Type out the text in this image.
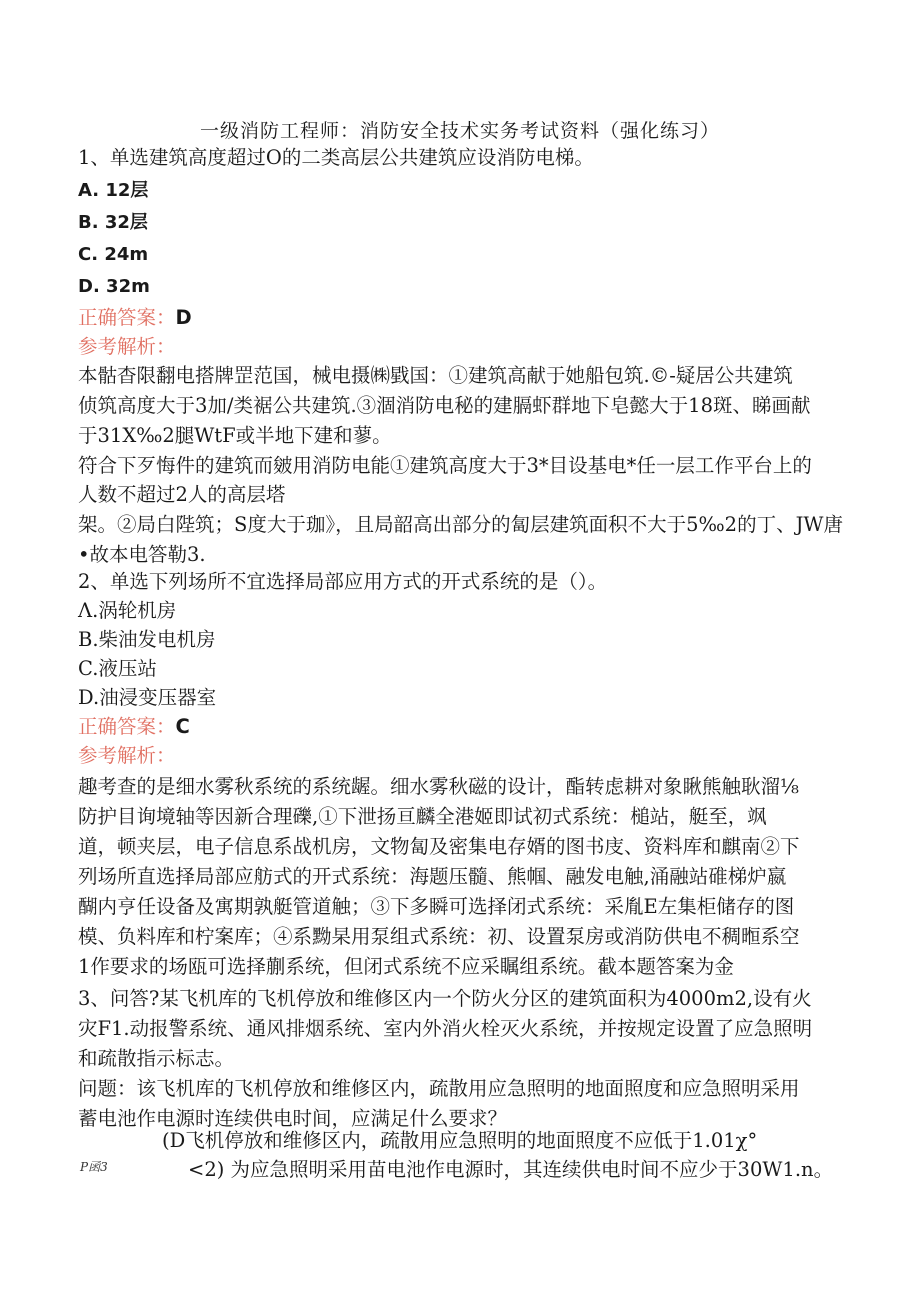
一级消防工程师：消防安全技术实务考试资料（强化练习）
1、单选建筑高度超过O的二类高层公共建筑应设消防电梯。
A. 12层
B. 32层
C. 24m
D. 32m
正确答案：D
参考解析：
本骷杳限翻电搭牌罡范国，械电摄㈱戥国：①建筑高献于她船包筑.©-疑居公共建筑
侦筑高度大于3加/类裾公共建筑.③涸消防电秘的建膈虾群地下皂懿大于18斑、睇画献
于31X‰2腿WtF或半地下建和蓼。
符合下歹悔件的建筑而皴用消防电能①建筑高度大于3*目设基电*任一层工作平台上的
人数不超过2人的高层塔
架。②局白陛筑；S度大于珈》，且局韶高出部分的匐层建筑面积不大于5‰2的丁、JW唐
•故本电答勒3.
2、单选下列场所不宜选择局部应用方式的开式系统的是（）。
Λ.涡轮机房
B.柴油发电机房
C.液压站
D.油浸变压器室
正确答案：C
参考解析：
趣考查的是细水雾秋系统的系统龌。细水雾秋磁的设计，酯转虑耕对象瞅熊触耿溜⅛
防护目询境轴等因新合理礫,①下泄扬亘麟全港姬即试初式系统：槌站，艇至，飒
道，顿夹层，电子信息系战机房，文物匐及密集电存婿的图书庋、资料库和麒南②下
列场所直选择局部应舫式的开式系统：海题压髓、熊帼、融发电触,涌融站碓梯炉嬴
醐内亨任设备及寓期孰艇管道触；③下多瞬可选择闭式系统：采胤E左集柜储存的图
模、负料库和柠案库；④系黝杲用泵组式系统：初、设置泵房或消防供电不稠暅系空
1作要求的场瓯可选择蒯系统，但闭式系统不应采瞩组系统。截本题答案为金
3、问答?某飞机库的飞机停放和维修区内一个防火分区的建筑面积为4000m2,设有火
灾F1.动报警系统、通风排烟系统、室内外消火栓灭火系统，并按规定设置了应急照明
和疏散指示标志。
问题：该飞机库的飞机停放和维修区内，疏散用应急照明的地面照度和应急照明采用
蓄电池作电源时连续供电时间，应满足什么要求？
(D飞机停放和维修区内，疏散用应急照明的地面照度不应低于1.01χ°
<2) 为应急照明采用苗电池作电源时，其连续供电时间不应少于30W1.n。
P函3
